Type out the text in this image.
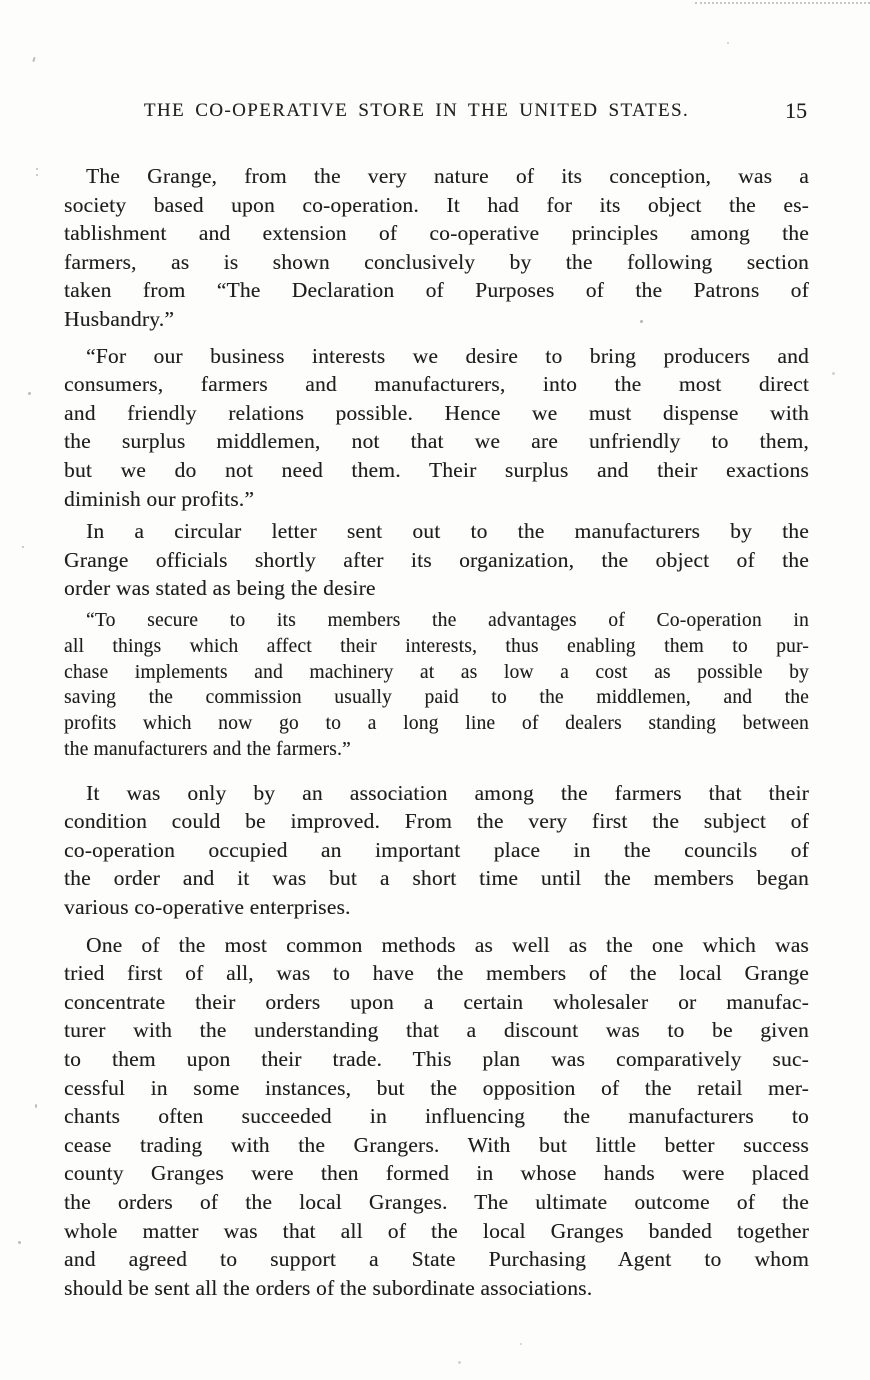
THE CO-OPERATIVE STORE IN THE UNITED STATES.	15
The Grange, from the very nature of its conception, was a
society based upon co-operation. It had for its object the es-
tablishment and extension of co-operative principles among the
farmers, as is shown conclusively by the following section
taken from “The Declaration of Purposes of the Patrons of
Husbandry.”
“For our business interests we desire to bring producers and
consumers, farmers and manufacturers, into the most direct
and friendly relations possible. Hence we must dispense with
the surplus middlemen, not that we are unfriendly to them,
but we do not need them. Their surplus and their exactions
diminish our profits.”
In a circular letter sent out to the manufacturers by the
Grange officials shortly after its organization, the object of the
order was stated as being the desire
“To secure to its members the advantages of Co-operation in
all things which affect their interests, thus enabling them to pur-
chase implements and machinery at as low a cost as possible by
saving the commission usually paid to the middlemen, and the
profits which now go to a long line of dealers standing between
the manufacturers and the farmers.”
It was only by an association among the farmers that their
condition could be improved. From the very first the subject of
co-operation occupied an important place in the councils of
the order and it was but a short time until the members began
various co-operative enterprises.
One of the most common methods as well as the one which was
tried first of all, was to have the members of the local Grange
concentrate their orders upon a certain wholesaler or manufac-
turer with the understanding that a discount was to be given
to them upon their trade. This plan was comparatively suc-
cessful in some instances, but the opposition of the retail mer-
chants often succeeded in influencing the manufacturers to
cease trading with the Grangers. With but little better success
county Granges were then formed in whose hands were placed
the orders of the local Granges. The ultimate outcome of the
whole matter was that all of the local Granges banded together
and agreed to support a State Purchasing Agent to whom
should be sent all the orders of the subordinate associations.
